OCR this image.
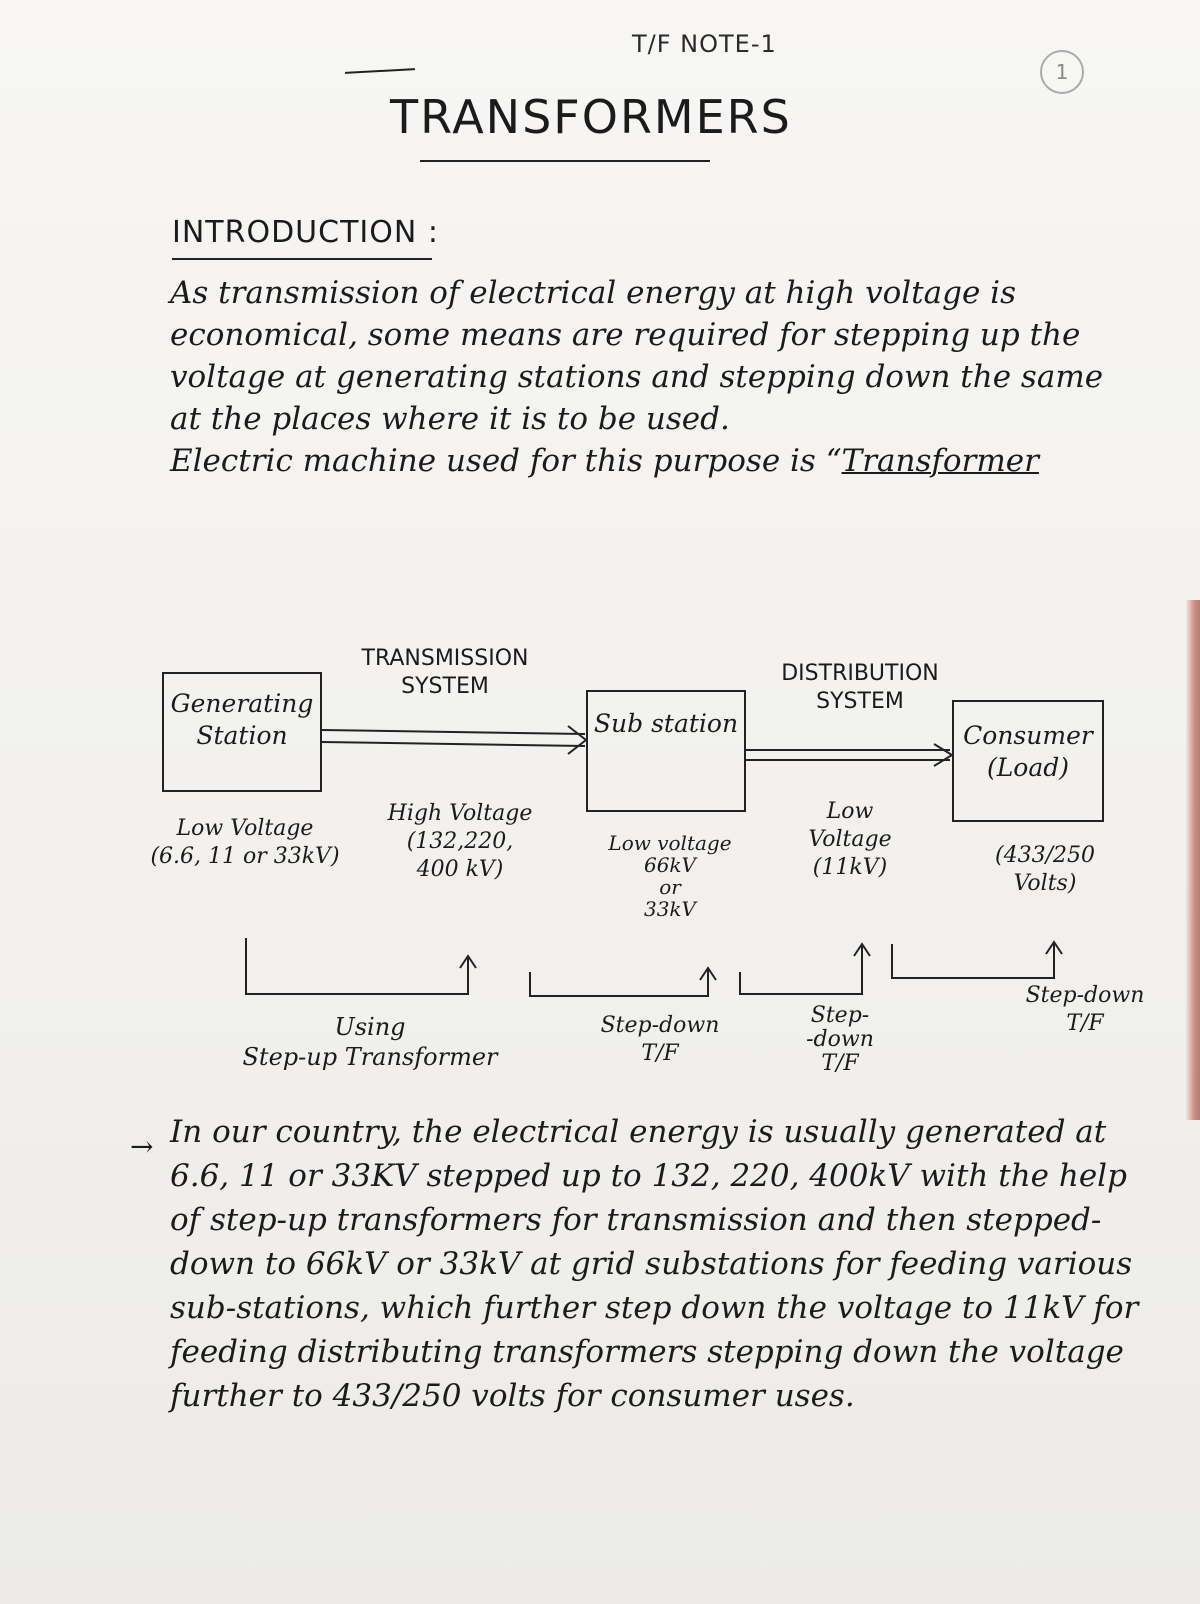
T/F NOTE-1
1
TRANSFORMERS
INTRODUCTION :
As transmission of electrical energy at high voltage is economical, some means are required for stepping up the voltage at generating stations and stepping down the same at the places where it is to be used.
Electric machine used for this purpose is “Transformer
TRANSMISSION SYSTEM
DISTRIBUTION SYSTEM
Generating Station	Sub station	Consumer (Load)
Low Voltage
(6.6, 11 or 33kV)
High Voltage
(132,220,
400 kV)
Low voltage
66kV
or
33kV
Low Voltage
(11kV)	(433/250
Volts)
Using
Step-up Transformer
Step-down
T/F
Step-
-down
T/F
Step-down
T/F
→ In our country, the electrical energy is usually generated at 6.6, 11 or 33KV stepped up to 132, 220, 400kV with the help of step-up transformers for transmission and then stepped-down to 66kV or 33kV at grid substations for feeding various sub-stations, which further step down the voltage to 11kV for feeding distributing transformers stepping down the voltage further to 433/250 volts for consumer uses.
